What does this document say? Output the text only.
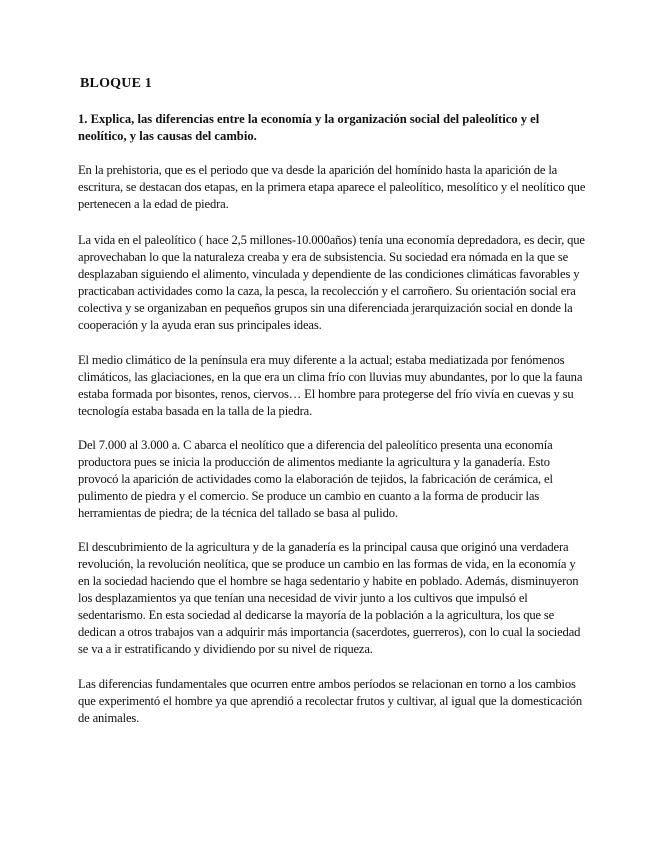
BLOQUE 1
1. Explica, las diferencias entre la economía y la organización social del paleolítico y el neolítico, y las causas del cambio.

En la prehistoria, que es el periodo que va desde la aparición del homínido hasta la aparición de la escritura, se destacan dos etapas, en la primera etapa aparece el paleolítico, mesolítico y el neolítico que pertenecen a la edad de piedra.

La vida en el paleolítico ( hace 2,5 millones-10.000años) tenía una economía depredadora, es decir, que aprovechaban lo que la naturaleza creaba y era de subsistencia. Su sociedad era nómada en la que se desplazaban siguiendo el alimento, vinculada y dependiente de las condiciones climáticas favorables y practicaban actividades como la caza, la pesca, la recolección y el carroñero. Su orientación social era colectiva y se organizaban en pequeños grupos sin una diferenciada jerarquización social en donde la cooperación y la ayuda eran sus principales ideas.

El medio climático de la península era muy diferente a la actual; estaba mediatizada por fenómenos climáticos, las glaciaciones, en la que era un clima frío con lluvias muy abundantes, por lo que la fauna estaba formada por bisontes, renos, ciervos… El hombre para protegerse del frío vivía en cuevas y su tecnología estaba basada en la talla de la piedra.

Del 7.000 al 3.000 a. C abarca el neolítico que a diferencia del paleolítico presenta una economía productora pues se inicia la producción de alimentos mediante la agricultura y la ganadería. Esto provocó la aparición de actividades como la elaboración de tejidos, la fabricación de cerámica, el pulimento de piedra y el comercio. Se produce un cambio en cuanto a la forma de producir las herramientas de piedra; de la técnica del tallado se basa al pulido.

El descubrimiento de la agricultura y de la ganadería es la principal causa que originó una verdadera revolución, la revolución neolítica, que se produce un cambio en las formas de vida, en la economía y en la sociedad haciendo que el hombre se haga sedentario y habite en poblado. Además, disminuyeron los desplazamientos ya que tenían una necesidad de vivir junto a los cultivos que impulsó el sedentarismo. En esta sociedad al dedicarse la mayoría de la población a la agricultura, los que se dedican a otros trabajos van a adquirir más importancia (sacerdotes, guerreros), con lo cual la sociedad se va a ir estratificando y dividiendo por su nivel de riqueza.

Las diferencias fundamentales que ocurren entre ambos períodos se relacionan en torno a los cambios que experimentó el hombre ya que aprendió a recolectar frutos y cultivar, al igual que la domesticación de animales.
